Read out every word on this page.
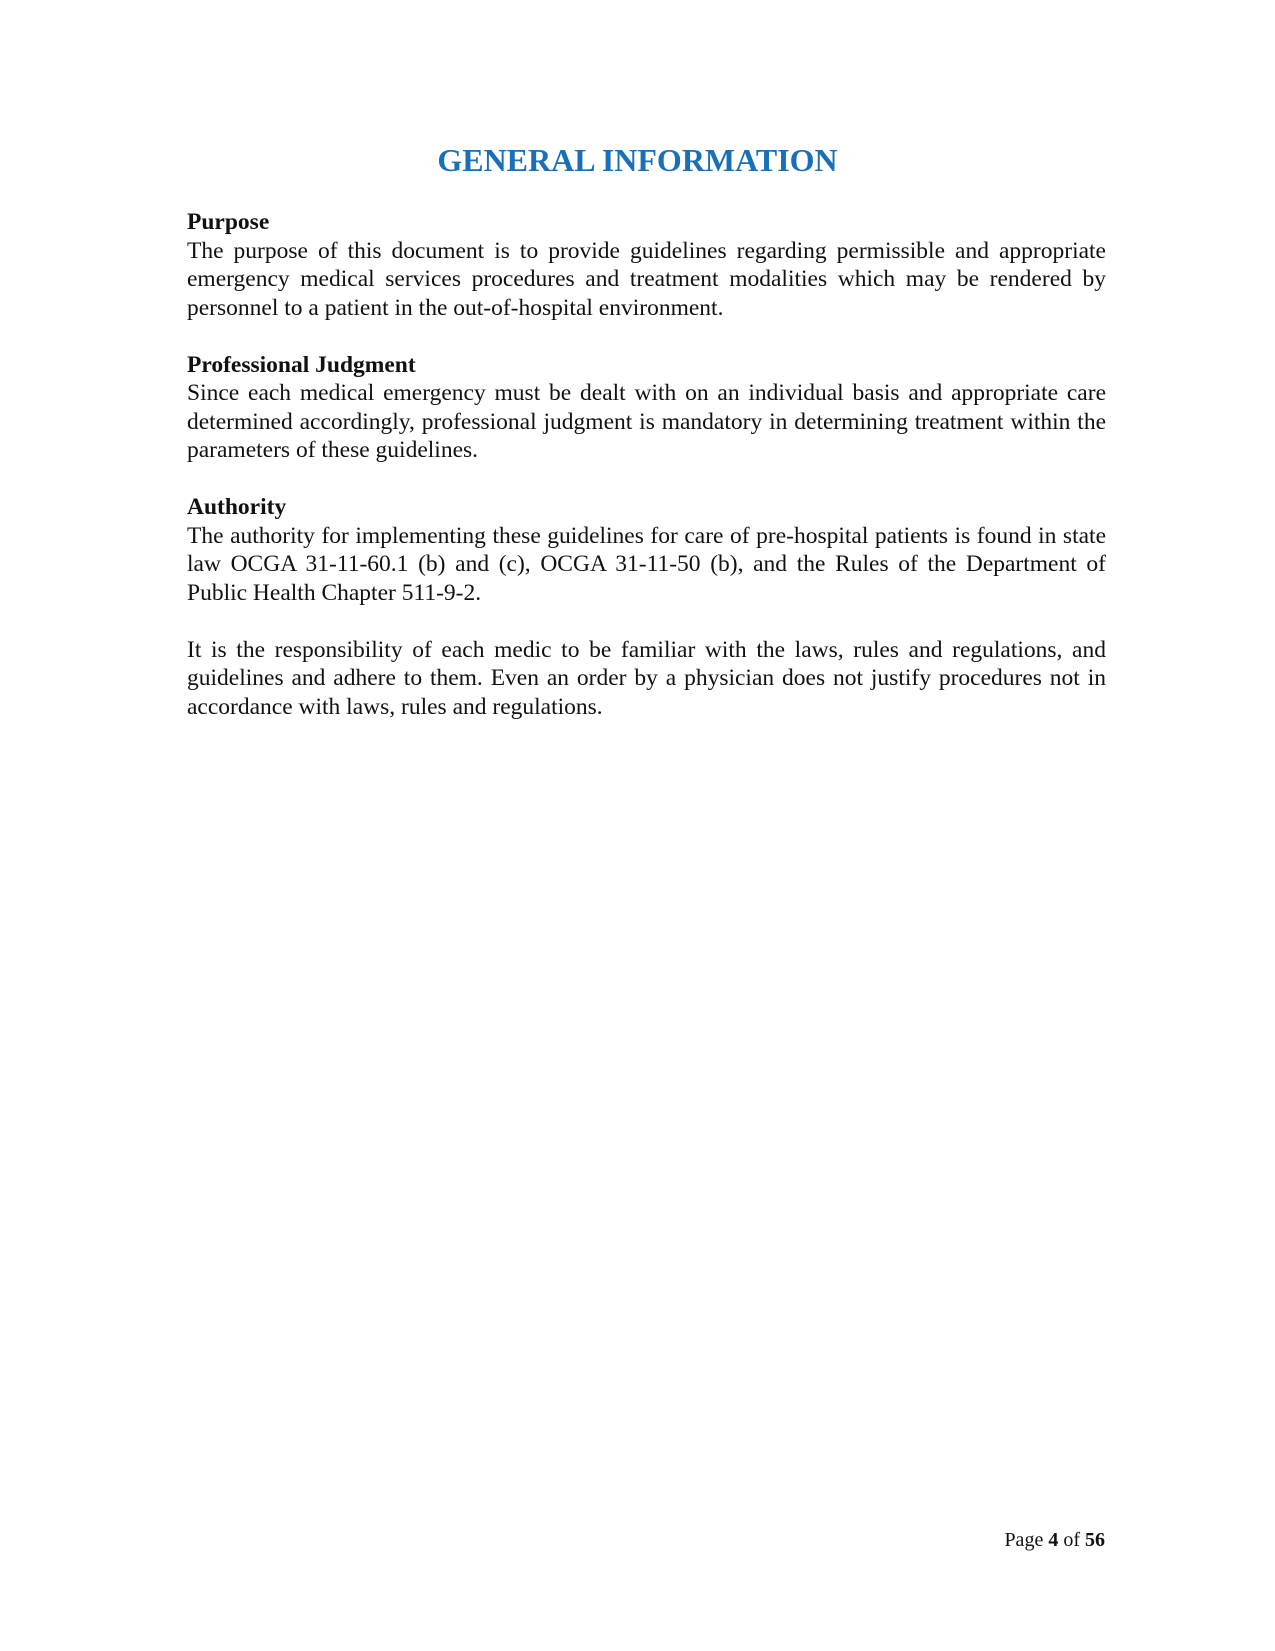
GENERAL INFORMATION
Purpose

The purpose of this document is to provide guidelines regarding permissible and appropriate emergency medical services procedures and treatment modalities which may be rendered by personnel to a patient in the out-of-hospital environment.

Professional Judgment

Since each medical emergency must be dealt with on an individual basis and appropriate care determined accordingly, professional judgment is mandatory in determining treatment within the parameters of these guidelines.

Authority

The authority for implementing these guidelines for care of pre-hospital patients is found in state law OCGA 31-11-60.1 (b) and (c), OCGA 31-11-50 (b), and the Rules of the Department of Public Health Chapter 511-9-2.

It is the responsibility of each medic to be familiar with the laws, rules and regulations, and guidelines and adhere to them. Even an order by a physician does not justify procedures not in accordance with laws, rules and regulations.

Page 4 of 56
